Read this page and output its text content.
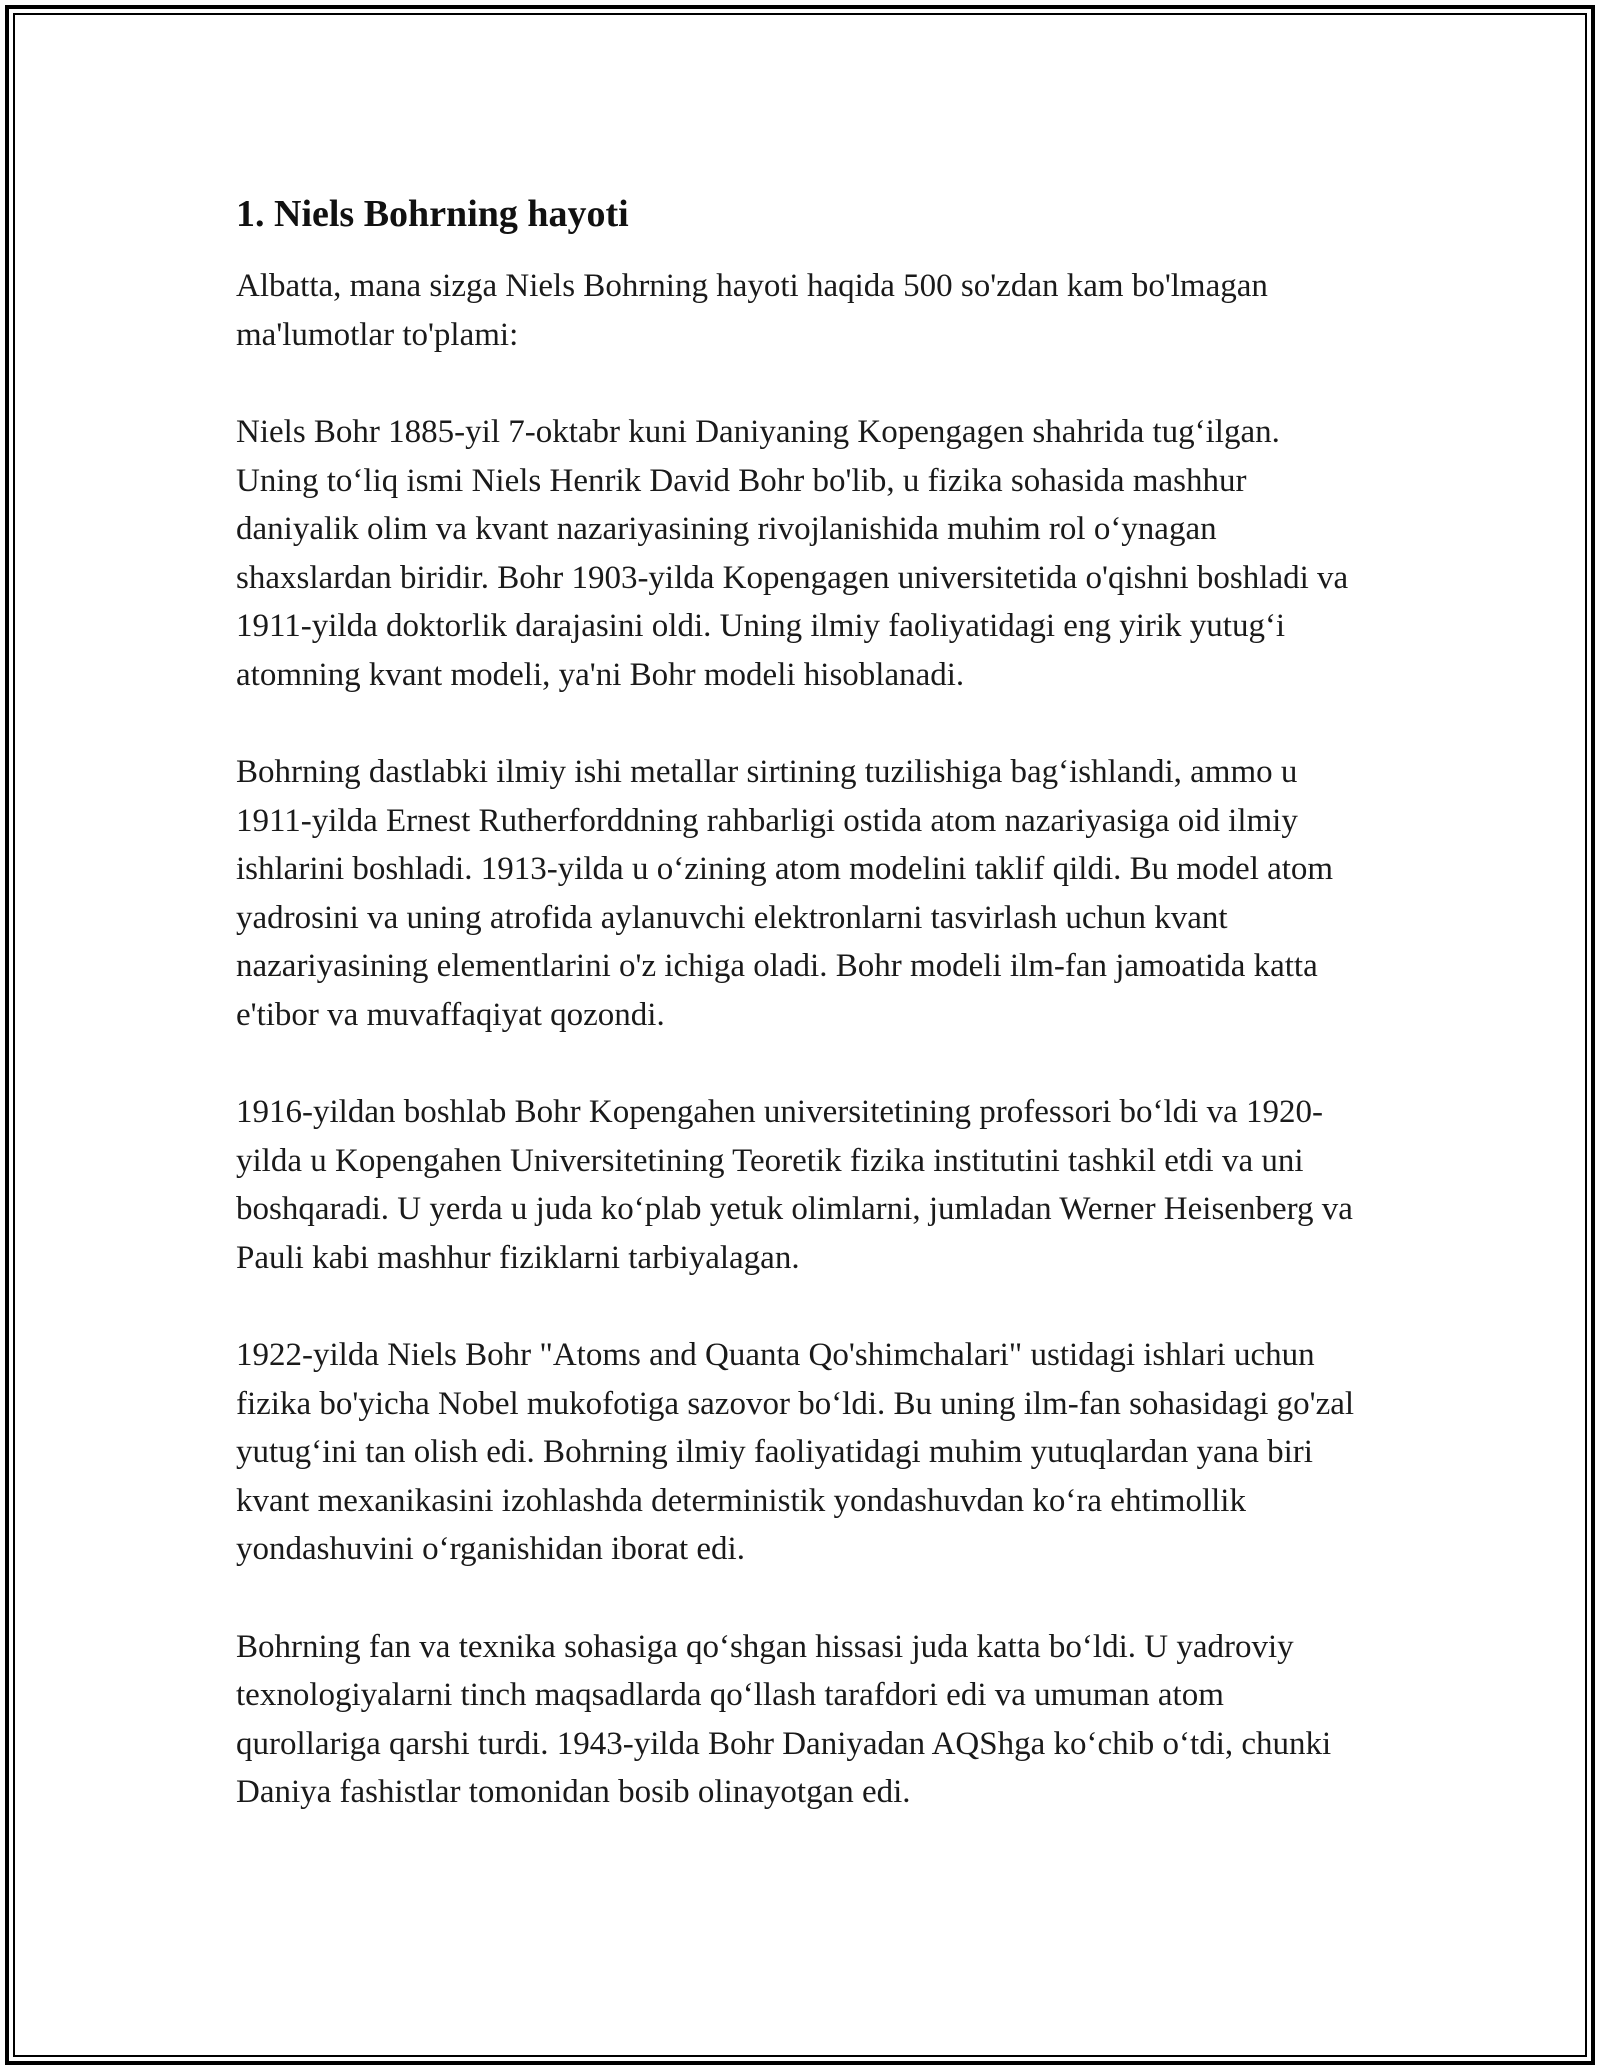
1. Niels Bohrning hayoti

Albatta, mana sizga Niels Bohrning hayoti haqida 500 so'zdan kam bo'lmagan ma'lumotlar to'plami:

Niels Bohr 1885-yil 7-oktabr kuni Daniyaning Kopengagen shahrida tug‘ilgan. Uning to‘liq ismi Niels Henrik David Bohr bo'lib, u fizika sohasida mashhur daniyalik olim va kvant nazariyasining rivojlanishida muhim rol o‘ynagan shaxslardan biridir. Bohr 1903-yilda Kopengagen universitetida o'qishni boshladi va 1911-yilda doktorlik darajasini oldi. Uning ilmiy faoliyatidagi eng yirik yutug‘i atomning kvant modeli, ya'ni Bohr modeli hisoblanadi.

Bohrning dastlabki ilmiy ishi metallar sirtining tuzilishiga bag‘ishlandi, ammo u 1911-yilda Ernest Rutherforddning rahbarligi ostida atom nazariyasiga oid ilmiy ishlarini boshladi. 1913-yilda u o‘zining atom modelini taklif qildi. Bu model atom yadrosini va uning atrofida aylanuvchi elektronlarni tasvirlash uchun kvant nazariyasining elementlarini o'z ichiga oladi. Bohr modeli ilm-fan jamoatida katta e'tibor va muvaffaqiyat qozondi.

1916-yildan boshlab Bohr Kopengahen universitetining professori bo‘ldi va 1920-yilda u Kopengahen Universitetining Teoretik fizika institutini tashkil etdi va uni boshqaradi. U yerda u juda ko‘plab yetuk olimlarni, jumladan Werner Heisenberg va Pauli kabi mashhur fiziklarni tarbiyalagan.

1922-yilda Niels Bohr "Atoms and Quanta Qo'shimchalari" ustidagi ishlari uchun fizika bo'yicha Nobel mukofotiga sazovor bo‘ldi. Bu uning ilm-fan sohasidagi go'zal yutug‘ini tan olish edi. Bohrning ilmiy faoliyatidagi muhim yutuqlardan yana biri kvant mexanikasini izohlashda deterministik yondashuvdan ko‘ra ehtimollik yondashuvini o‘rganishidan iborat edi.

Bohrning fan va texnika sohasiga qo‘shgan hissasi juda katta bo‘ldi. U yadroviy texnologiyalarni tinch maqsadlarda qo‘llash tarafdori edi va umuman atom qurollariga qarshi turdi. 1943-yilda Bohr Daniyadan AQShga ko‘chib o‘tdi, chunki Daniya fashistlar tomonidan bosib olinayotgan edi.
